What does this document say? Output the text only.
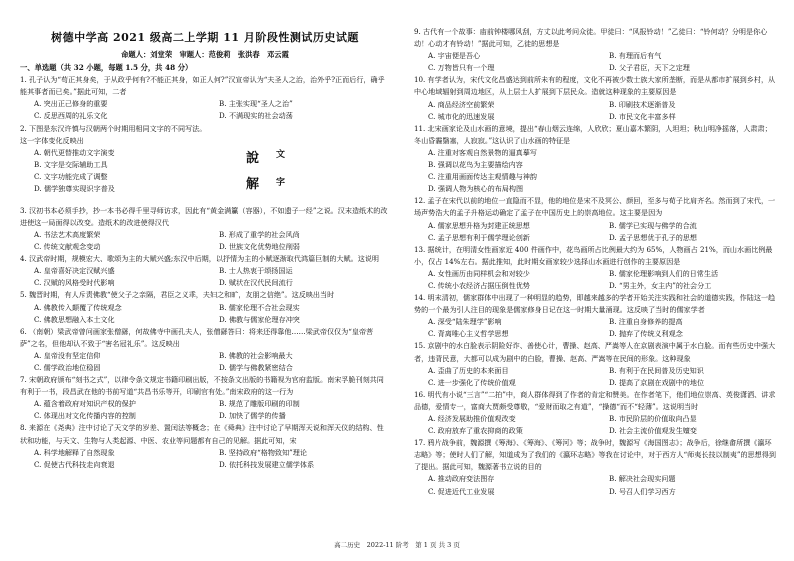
树德中学高 2021 级高二上学期 11 月阶段性测试历史试题
命题人：刘堂荣　审题人：范俊莉　张洪春　邓云霞
一、单选题（共 32 小题，每题 1.5 分，共 48 分）

1. 孔子认为“苟正其身矣，于从政乎何有?不能正其身，如正人何?”汉宣帝认为“夫圣人之治，治外乎?正而后行，确乎能其事者而已矣。”据此可知，二者

A. 突出正己修身的重要	B. 主张实现“圣人之治”
C. 反思西周的礼乐文化	D. 不满现实的社会动荡

2. 下图是东汉许慎与汉朝两个时期用相同文字的不同写法。

这一字体变化反映出

A. 朝代更替推动文字演变
B. 文字是交际辅助工具
C. 文字功能完成了调整
D. 儒学独尊实现识字普及
說 文
解 字

3. 汉初书本必须手抄，抄一本书必得千里寻师访求，因此有“黄金满籯（容器），不如遗子一经”之说。汉末造纸术的改进使这一局面得以改变。造纸术的改进使得汉代

A. 书法艺术高度繁荣	B. 形成了重学的社会风尚
C. 传统文献观念变动	D. 世族文化优势地位削弱

4. 汉武帝时期，规模宏大、歌颂为主的大赋兴盛;东汉中后期，以抒情为主的小赋逐渐取代鸿篇巨制的大赋。这说明

A. 皇帝喜好决定汉赋兴盛	B. 士人热衷于颂扬国运
C. 汉赋的风格受时代影响	D. 赋状在汉代民间流行

5. 魏晋时期，有人斥责佛教“使父子之亲隔，君臣之义乖，夫妇之和旷，友朋之信绝”。这反映出当时

A. 佛教传入颠覆了传统观念	B. 儒家伦理不合社会现实
C. 佛教思想融入本土文化	D. 佛教与儒家伦理存冲突

6. （南朝）梁武帝曾问画家张僧繇，何故佛寺中画孔夫人，张僧繇答曰：将来还得靠他……梁武帝仅仅为“皇帝菩萨”之名，但他却认不致于“害名冠礼乐”。这反映出

A. 皇帝没有坚定信仰	B. 佛教的社会影响最大
C. 儒学政治地位稳固	D. 儒学与佛教紧密结合

7. 宋朝政府颁布“刻书之式”，以律令条文规定书籍印刷出版，不按条文出版的书籍视为官府监版。南宋孚脆刊刻共同有利于一书，段昌武在他的书前写道“共昌书乐等开，印刷官有处。”南宋政府的这一行为

A. 蕴含着政府对知识产权的保护	B. 规范了雕版印刷的印制
C. 体现出对文化传播内容的控制	D. 加快了儒学的传播

8. 来源在《尧典》注中讨论了天文学的岁差、置闰法等概念；在《舜典》注中讨论了早期浑天说和浑天仪的结构、性状和功能，与天文、生物与人类起源、中医、农业等问题都有自己的见解。据此可知，宋

A. 科学地解释了自然现象	B. 坚持政府“格物致知”理论
C. 促使古代科技走向衰退	D. 依托科技发展建立儒学体系

9. 古代有一个故事：庙前钟楼哪风刮，方丈以此考问众徒。甲徒曰：“风报铃动！”乙徒曰：“铃何动？分明是你心动！心动才有铃动！”据此可知，乙徒的思想是

A. 宇宙便是吾心	B. 有理而后有气
C. 万物皆只有一个理	D. 父子君臣，天下之定理

10. 有学者认为，宋代文化昌盛达到前所未有的程度，文化不再被少数士族大家所垄断，而是从都市扩展到乡村，从中心地域辐射到周边地区，从上层士人扩展到下层民众。造就这种现象的主要原因是

A. 商品经济空前繁荣	B. 印刷技术逐渐普及
C. 城市化的迅速发展	D. 市民文化丰富多样

11. 北宋画家论及山水画的意境，提出“春山烟云连绵，人欣欣；夏山嘉木繁阴，人坦坦；秋山明净摇落，人肃肃；冬山昏霾翳塞，人寂寂。”这认识了山水画的特征是

A. 注重对客观自然景物的逼真摹写
B. 强调以花鸟为主要描绘内容
C. 注重用画面传达主观情趣与神韵
D. 强调人物为核心的布局构图

12. 孟子在宋代以前的地位一直隐而不显，他的地位是宋不及冥公、颜回，至多与荀子比肩齐名。然而到了宋代，一场声势浩大的孟子升格运动确定了孟子在中国历史上的崇高地位。这主要是因为

A. 儒家思想升格为封建正统思想	B. 儒学已实现与佛学的合流
C. 孟子思想有利于儒学理论创新	D. 孟子思想优于孔子的思想

13. 据统计，在明清女性画家近 400 件画作中，花鸟画所占比例最大约为 65%，人物画占 21%，而山水画比例最小，仅占 14%左右。据此推知，此时期女画家较少选择山水画进行创作的主要原因是

A. 女性画历由同样机会和对较少	B. 儒家伦理影响到人们的日常生活
C. 传统小农经济占据压倒性优势	D. “男主外，女主内”的社会分工

14. 明末清初，儒家群体中出现了一种明显的趋势，即越来越多的学者开始关注实践和社会的道德实践，作陆这一趋势的一个最为引人注目的现象是儒家修身日记在这一时期大量涌现。这反映了当时的儒家学者

A. 深受“陆朱理学”影响	B. 注重自身修养的提高
C. 背离唯心主义哲学思想	D. 抛弃了传统义利观念

15. 京剧中的水白脸表示阴险好诈、善使心计，曹操、赵高、严嵩等人在京剧表演中属于水白脸。而有些历史中强大者，违背民意，大都可以成为剧中的白脸，曹操、赵高、严嵩等在民间的形象。这种现象

A. 歪曲了历史的本来面目	B. 有利于在民间普及历史知识
C. 进一步强化了传统价值观	D. 提高了京剧在戏剧中的地位

16. 明代有小说“三言”“二拍”中，商人群体得到了作者的肯定和赞美。在作者笔下，他们地位崇高、英俊潇洒、讲求品德，爱情专一，富商大贾颇受尊敬，“爱财而取之有道”，“操德“而不“轻薄”。这说明当时

A. 经济发展助推价值观改变	B. 市民阶层的价值取向凸显
C. 政府放弃了重农抑商的政策	D. 社会主流价值观发生嬗变

17. 鸦片战争前，魏源撰《筹海》、《筹海》、《筹河》等；战争时，魏源写《海国图志》；战争后，徐继畬所撰《瀛环志略》等；使时人们了解，知道成为了我们的《瀛环志略》等我在讨论中，对于西方人“师夷长技以制夷”的思想得到了提出。据此可知，魏源著书立说的目的

A. 推动政府变法图存	B. 解决社会现实问题
C. 促进近代工业发展	D. 号召人们学习西方
高二历史　2022-11 阶考　第 1 页 共 3 页
